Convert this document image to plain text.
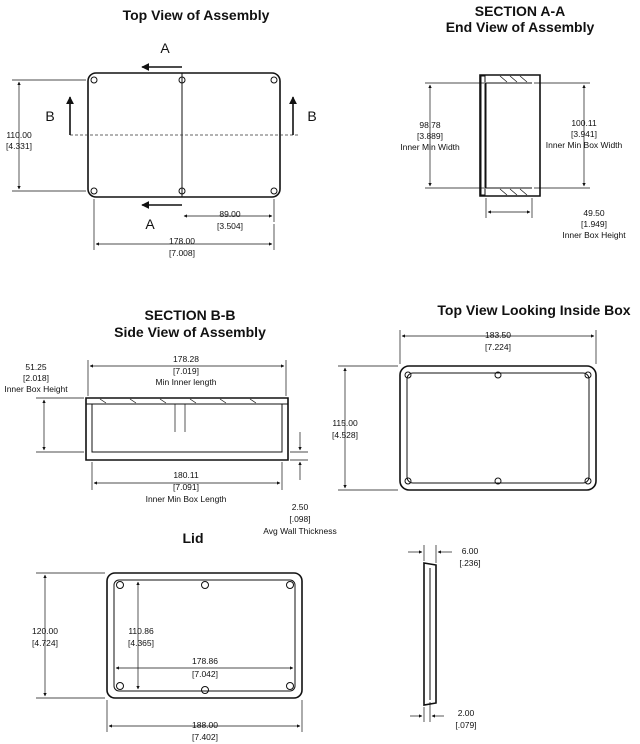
Top View of Assembly
A
A
B	B
110.00
[4.331]
89.00
[3.504]
178.00
[7.008]
SECTION A-A
End View of Assembly
98.78
[3.889]
Inner Min Width
100.11
[3.941]
Inner Min Box Width
49.50
[1.949]
Inner Box Height
SECTION B-B
Side View of Assembly
51.25
[2.018]
Inner Box Height
178.28
[7.019]
Min Inner length
180.11
[7.091]
Inner Min Box Length
2.50
[.098]
Avg Wall Thickness
Top View Looking Inside Box
183.50
[7.224]
115.00
[4.528]
Lid
120.00
[4.724]
110.86
[4.365]
178.86
[7.042]
188.00
[7.402]
6.00
[.236]
2.00
[.079]
